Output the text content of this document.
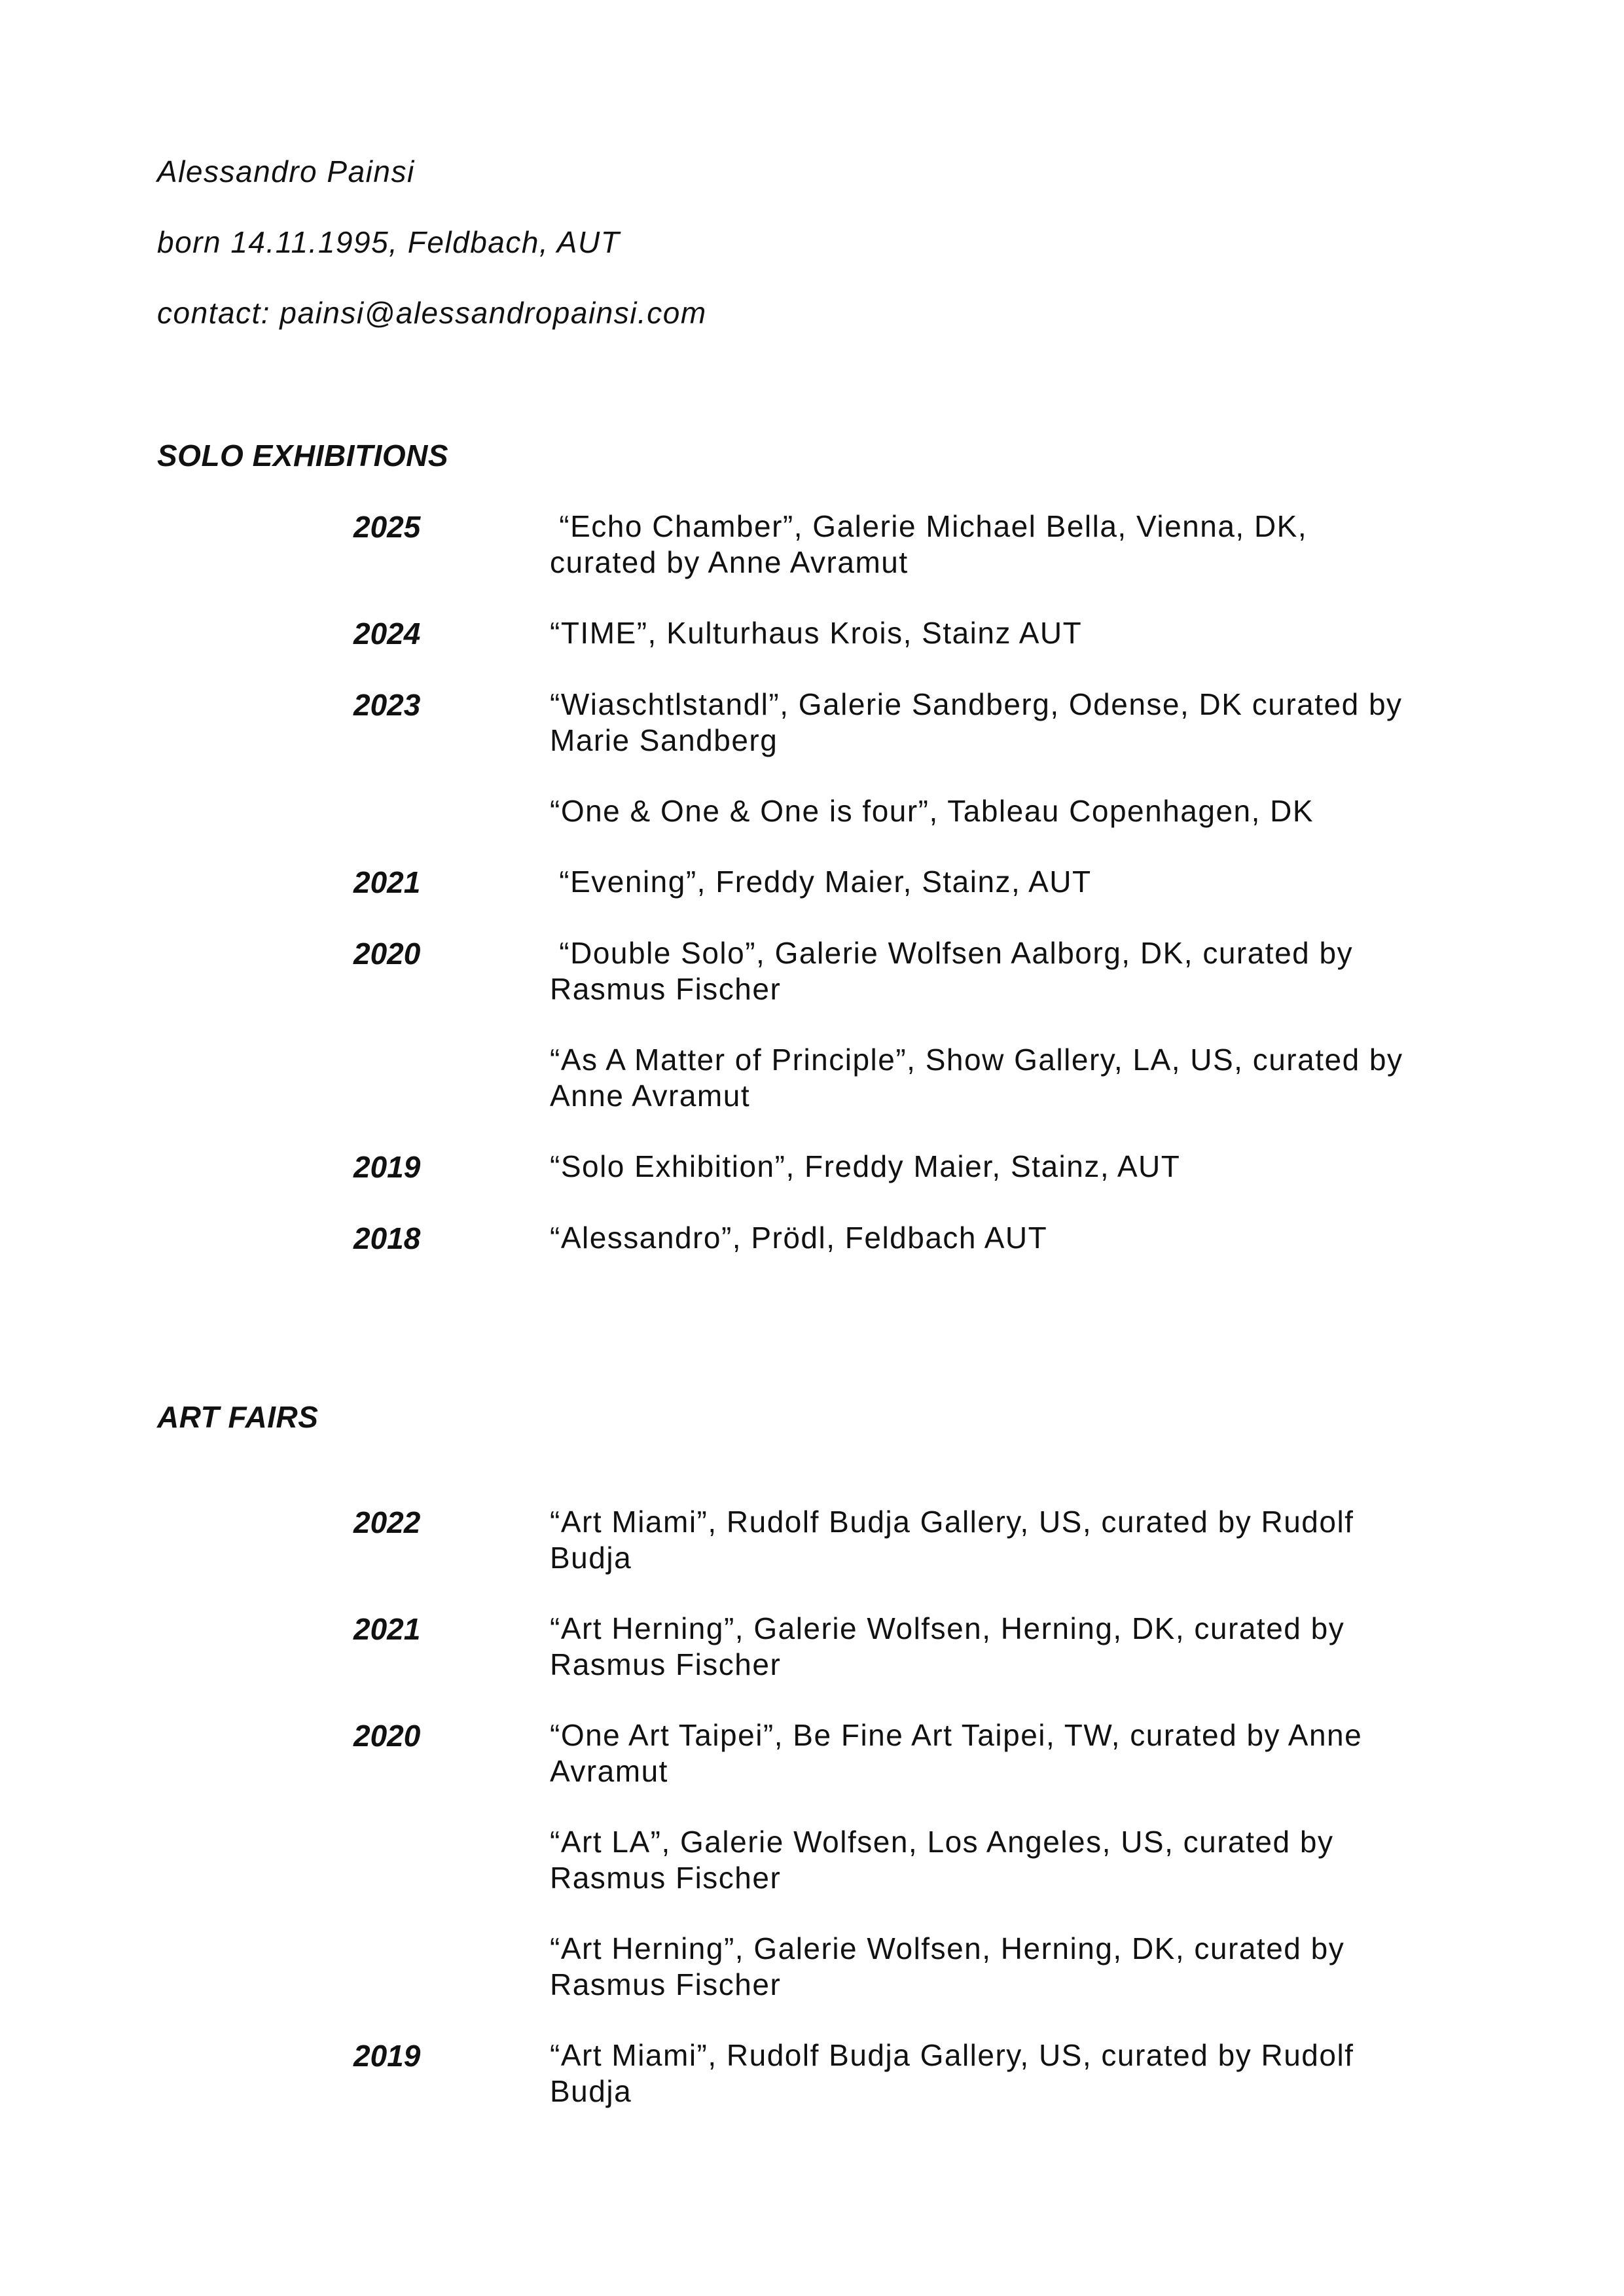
Alessandro Painsi
born 14.11.1995, Feldbach, AUT
contact: painsi@alessandropainsi.com
SOLO EXHIBITIONS
2025	“Echo Chamber”, Galerie Michael Bella, Vienna, DK, curated by Anne Avramut
2024	“TIME”, Kulturhaus Krois, Stainz AUT
2023	“Wiaschtlstandl”, Galerie Sandberg, Odense, DK curated by Marie Sandberg
“One & One & One is four”, Tableau Copenhagen, DK
2021	“Evening”, Freddy Maier, Stainz, AUT
2020	“Double Solo”, Galerie Wolfsen Aalborg, DK, curated by Rasmus Fischer
“As A Matter of Principle”, Show Gallery, LA, US, curated by Anne Avramut
2019	“Solo Exhibition”, Freddy Maier, Stainz, AUT
2018	“Alessandro”, Prödl, Feldbach AUT
ART FAIRS
2022	“Art Miami”, Rudolf Budja Gallery, US, curated by Rudolf Budja
2021	“Art Herning”, Galerie Wolfsen, Herning, DK, curated by Rasmus Fischer
2020	“One Art Taipei”, Be Fine Art Taipei, TW, curated by Anne Avramut
“Art LA”, Galerie Wolfsen, Los Angeles, US, curated by Rasmus Fischer
“Art Herning”, Galerie Wolfsen, Herning, DK, curated by Rasmus Fischer
2019	“Art Miami”, Rudolf Budja Gallery, US, curated by Rudolf Budja
